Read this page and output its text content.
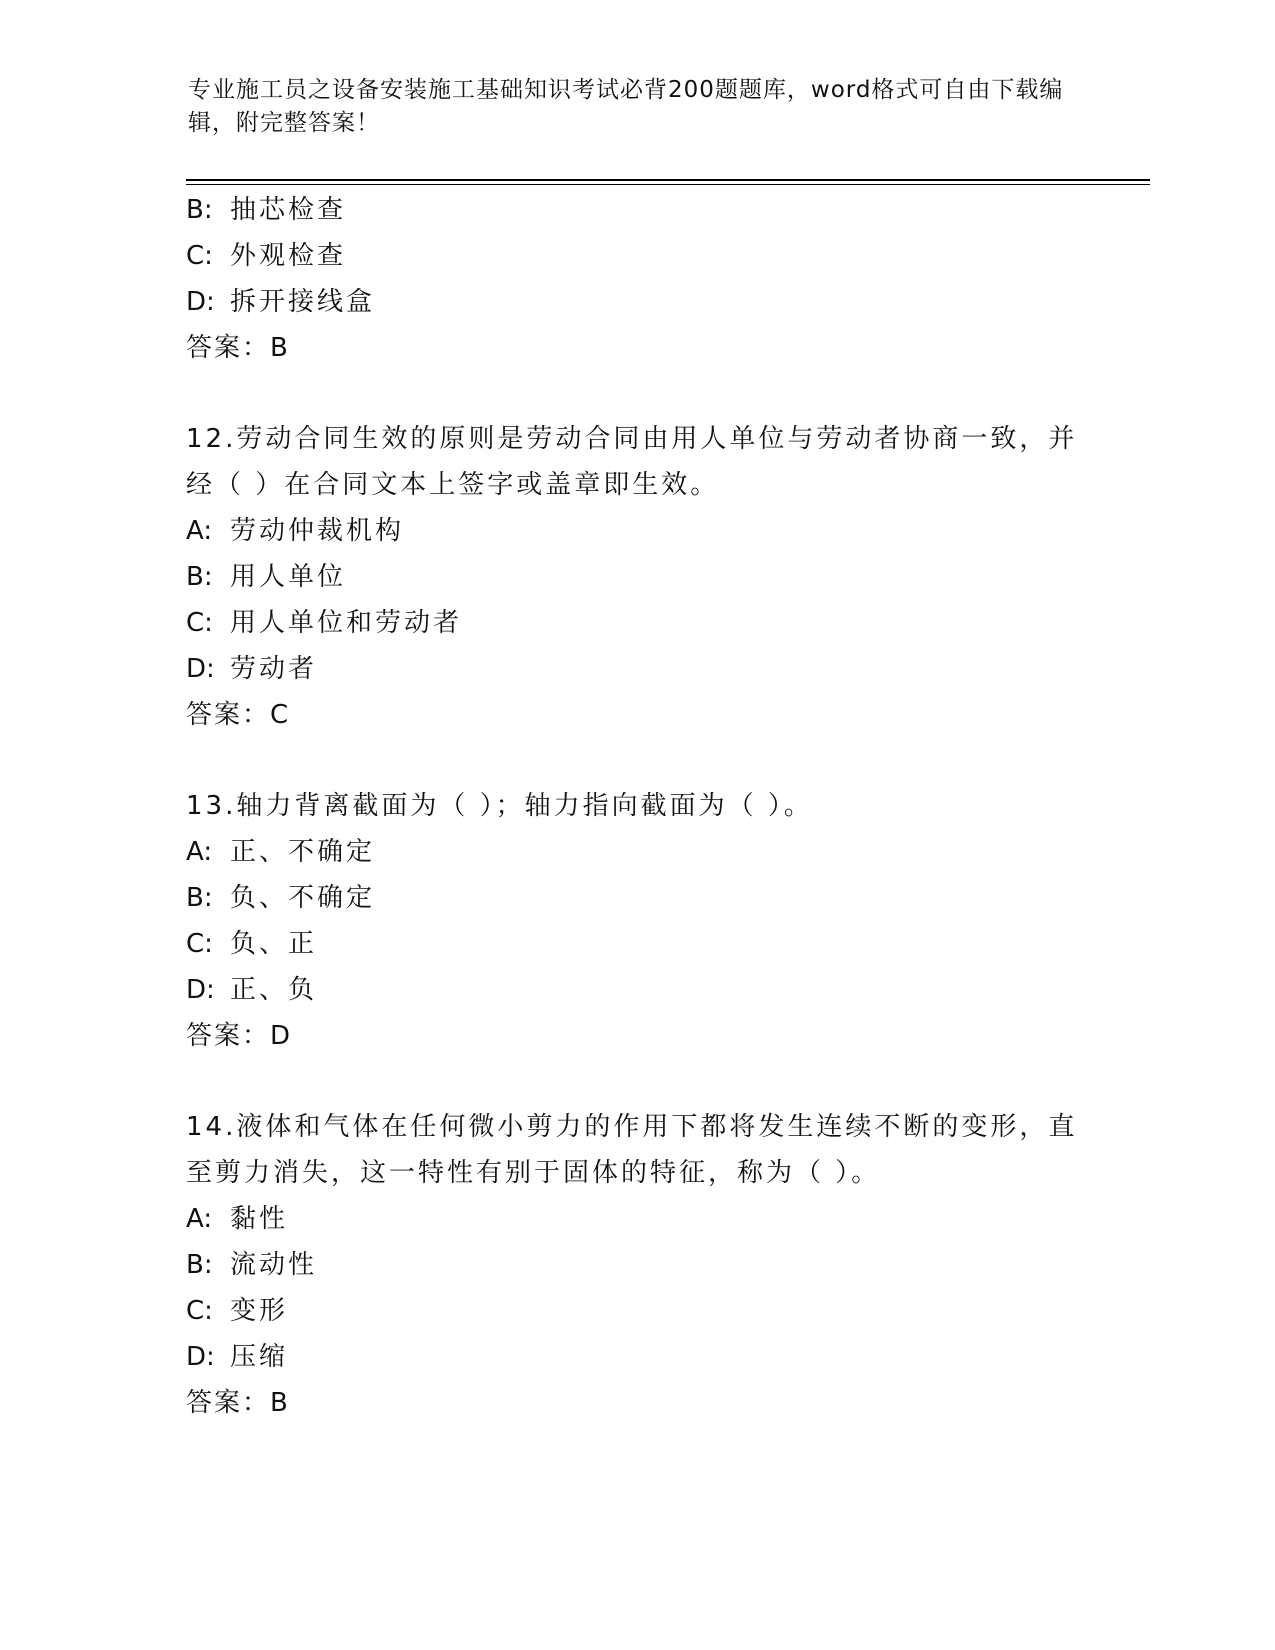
专业施工员之设备安装施工基础知识考试必背200题题库，word格式可自由下载编辑，附完整答案！
B: 抽芯检查
C: 外观检查
D: 拆开接线盒
答案：B
12.劳动合同生效的原则是劳动合同由用人单位与劳动者协商一致，并经（ ）在合同文本上签字或盖章即生效。
A: 劳动仲裁机构
B: 用人单位
C: 用人单位和劳动者
D: 劳动者
答案：C
13.轴力背离截面为（ ）；轴力指向截面为（ ）。
A: 正、不确定
B: 负、不确定
C: 负、正
D: 正、负
答案：D
14.液体和气体在任何微小剪力的作用下都将发生连续不断的变形，直至剪力消失，这一特性有别于固体的特征，称为（ ）。
A: 黏性
B: 流动性
C: 变形
D: 压缩
答案：B
